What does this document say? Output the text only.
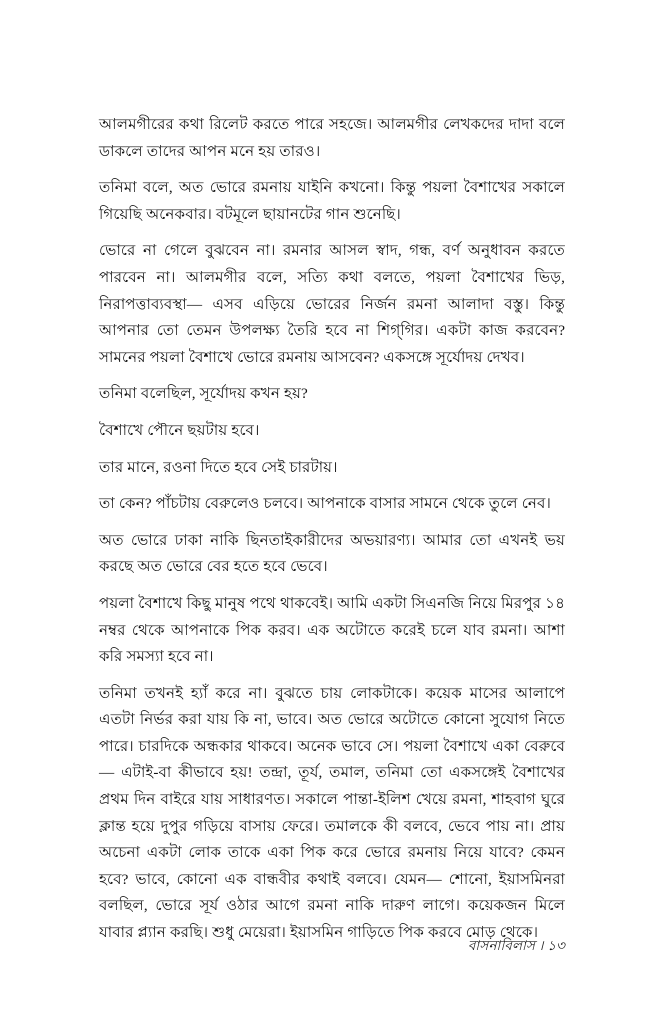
আলমগীরের কথা রিলেট করতে পারে সহজে। আলমগীর লেখকদের দাদা বলে ডাকলে তাদের আপন মনে হয় তারও।

তনিমা বলে, অত ভোরে রমনায় যাইনি কখনো। কিন্তু পয়লা বৈশাখের সকালে গিয়েছি অনেকবার। বটমূলে ছায়ানটের গান শুনেছি।

ভোরে না গেলে বুঝবেন না। রমনার আসল স্বাদ, গন্ধ, বর্ণ অনুধাবন করতে পারবেন না। আলমগীর বলে, সত্যি কথা বলতে, পয়লা বৈশাখের ভিড়, নিরাপত্তাব্যবস্থা— এসব এড়িয়ে ভোরের নির্জন রমনা আলাদা বস্তু। কিন্তু আপনার তো তেমন উপলক্ষ্য তৈরি হবে না শিগ্‌গির। একটা কাজ করবেন? সামনের পয়লা বৈশাখে ভোরে রমনায় আসবেন? একসঙ্গে সূর্যোদয় দেখব।

তনিমা বলেছিল, সূর্যোদয় কখন হয়?

বৈশাখে পৌনে ছয়টায় হবে।

তার মানে, রওনা দিতে হবে সেই চারটায়।

তা কেন? পাঁচটায় বেরুলেও চলবে। আপনাকে বাসার সামনে থেকে তুলে নেব।

অত ভোরে ঢাকা নাকি ছিনতাইকারীদের অভয়ারণ্য। আমার তো এখনই ভয় করছে অত ভোরে বের হতে হবে ভেবে।

পয়লা বৈশাখে কিছু মানুষ পথে থাকবেই। আমি একটা সিএনজি নিয়ে মিরপুর ১৪ নম্বর থেকে আপনাকে পিক করব। এক অটোতে করেই চলে যাব রমনা। আশা করি সমস্যা হবে না।

তনিমা তখনই হ্যাঁ করে না। বুঝতে চায় লোকটাকে। কয়েক মাসের আলাপে এতটা নির্ভর করা যায় কি না, ভাবে। অত ভোরে অটোতে কোনো সুযোগ নিতে পারে। চারদিকে অন্ধকার থাকবে। অনেক ভাবে সে। পয়লা বৈশাখে একা বেরুবে— এটাই-বা কীভাবে হয়! তন্দ্রা, তূর্য, তমাল, তনিমা তো একসঙ্গেই বৈশাখের প্রথম দিন বাইরে যায় সাধারণত। সকালে পান্তা-ইলিশ খেয়ে রমনা, শাহবাগ ঘুরে ক্লান্ত হয়ে দুপুর গড়িয়ে বাসায় ফেরে। তমালকে কী বলবে, ভেবে পায় না। প্রায় অচেনা একটা লোক তাকে একা পিক করে ভোরে রমনায় নিয়ে যাবে? কেমন হবে? ভাবে, কোনো এক বান্ধবীর কথাই বলবে। যেমন— শোনো, ইয়াসমিনরা বলছিল, ভোরে সূর্য ওঠার আগে রমনা নাকি দারুণ লাগে। কয়েকজন মিলে যাবার প্ল্যান করছি। শুধু মেয়েরা। ইয়াসমিন গাড়িতে পিক করবে মোড় থেকে।

বাসনাবিলাস । ১৩
